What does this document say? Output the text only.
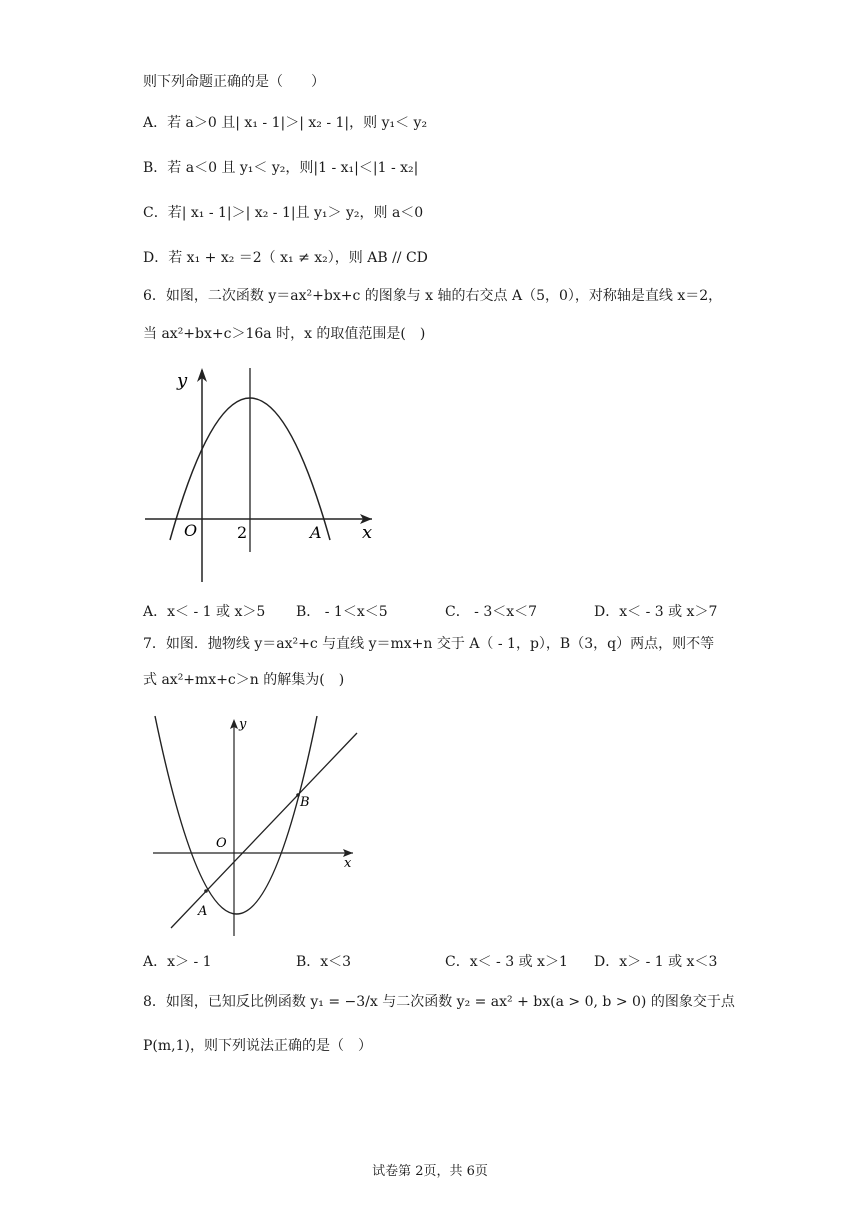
则下列命题正确的是（　　）
A．若 a＞0 且| x₁ - 1|＞| x₂ - 1|，则 y₁＜ y₂
B．若 a＜0 且 y₁＜ y₂，则|1 - x₁|＜|1 - x₂|
C．若| x₁ - 1|＞| x₂ - 1|且 y₁＞ y₂，则 a＜0
D．若 x₁ + x₂ ＝2（ x₁ ≠ x₂），则 AB // CD
6．如图，二次函数 y＝ax²+bx+c 的图象与 x 轴的右交点 A（5，0），对称轴是直线 x＝2，
当 ax²+bx+c＞16a 时，x 的取值范围是(　)
y
x
O 2	A
A．x＜ - 1 或 x＞5 B． - 1＜x＜5	C． - 3＜x＜7	D．x＜ - 3 或 x＞7
7．如图．抛物线 y＝ax²+c 与直线 y＝mx+n 交于 A（ - 1，p），B（3，q）两点，则不等
式 ax²+mx+c＞n 的解集为(　)
y
x
O
A
B
A．x＞ - 1	B．x＜3	C．x＜ - 3 或 x＞1 D．x＞ - 1 或 x＜3
8．如图，已知反比例函数 y₁ = −3/x 与二次函数 y₂ = ax² + bx(a > 0, b > 0) 的图象交于点
P(m,1)，则下列说法正确的是（　）
试卷第 2页，共 6页
